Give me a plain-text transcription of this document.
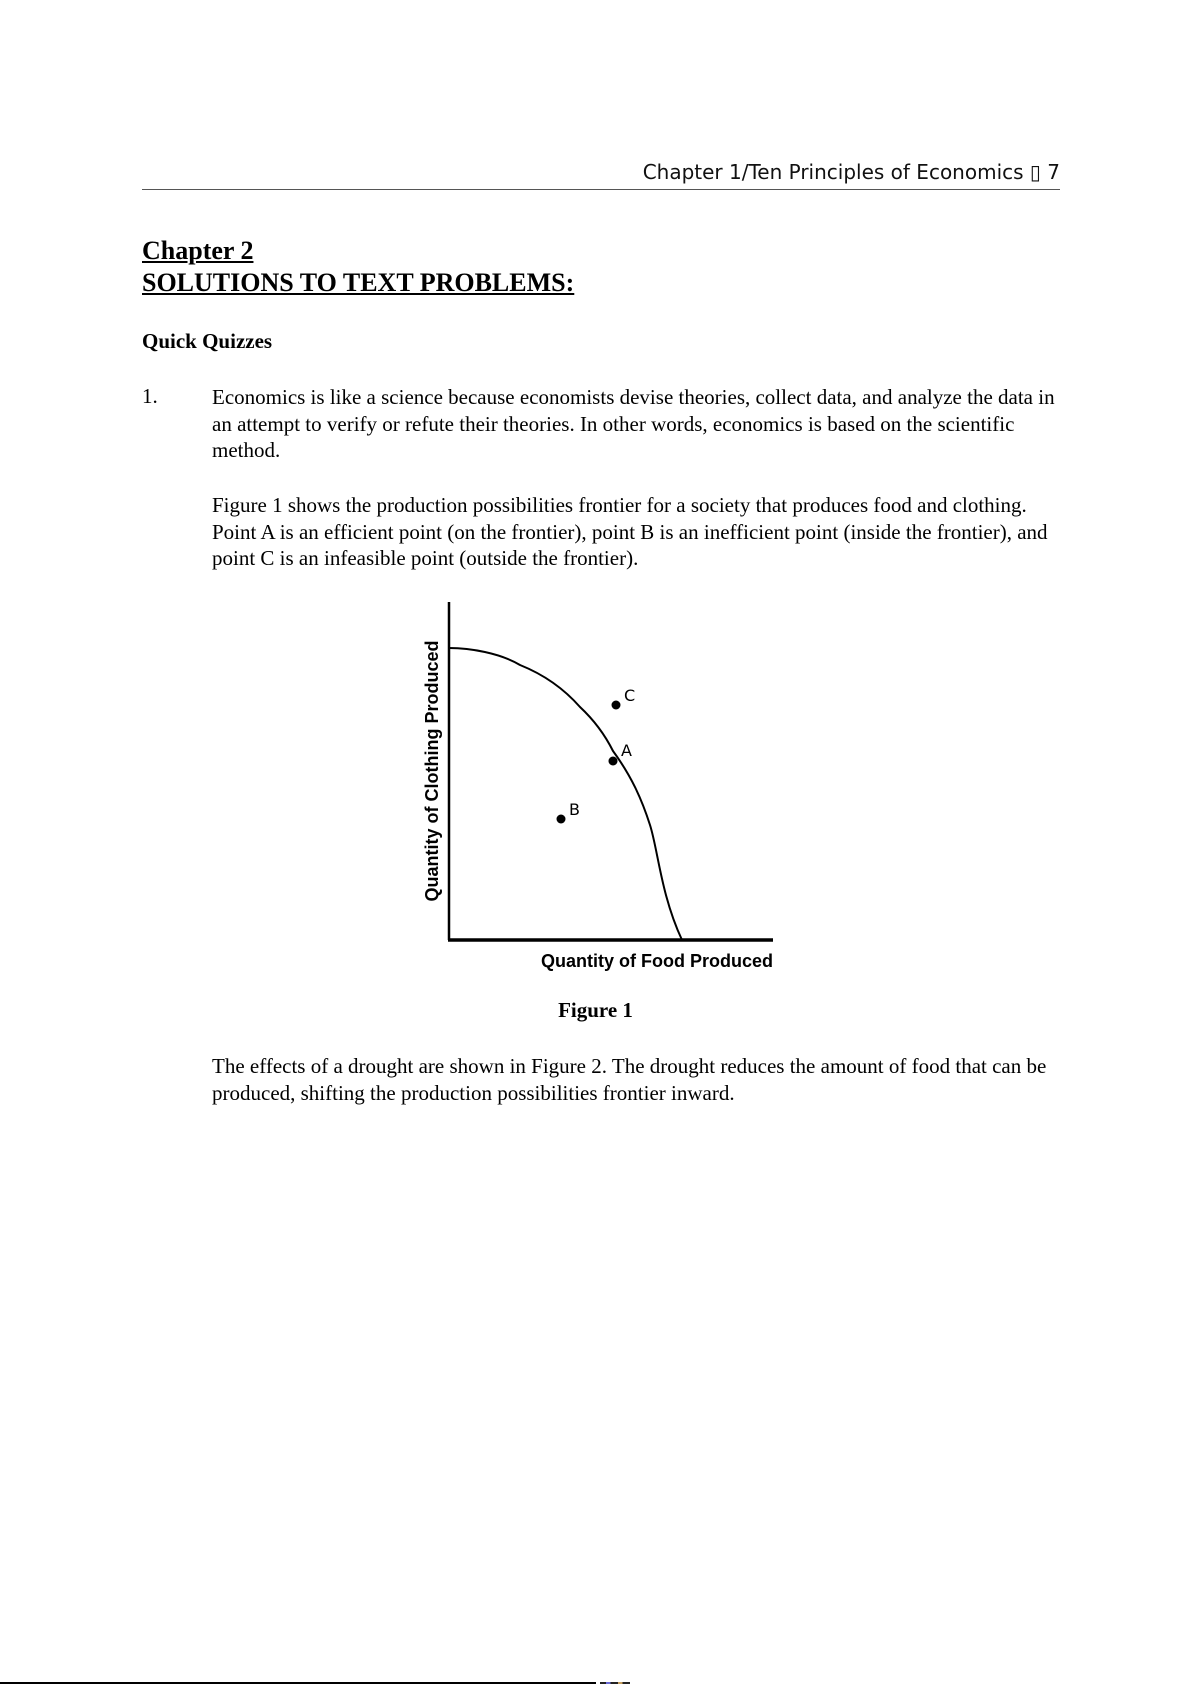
Chapter 1/Ten Principles of Economics ▯ 7
Chapter 2
SOLUTIONS TO TEXT PROBLEMS:
Quick Quizzes
1.	Economics is like a science because economists devise theories, collect data, and analyze the data in an attempt to verify or refute their theories. In other words, economics is based on the scientific method.
Figure 1 shows the production possibilities frontier for a society that produces food and clothing. Point A is an efficient point (on the frontier), point B is an inefficient point (inside the frontier), and point C is an infeasible point (outside the frontier).
A
B
C
Quantity of Food Produced
Quantity of Clothing Produced
Figure 1
The effects of a drought are shown in Figure 2. The drought reduces the amount of food that can be produced, shifting the production possibilities frontier inward.
